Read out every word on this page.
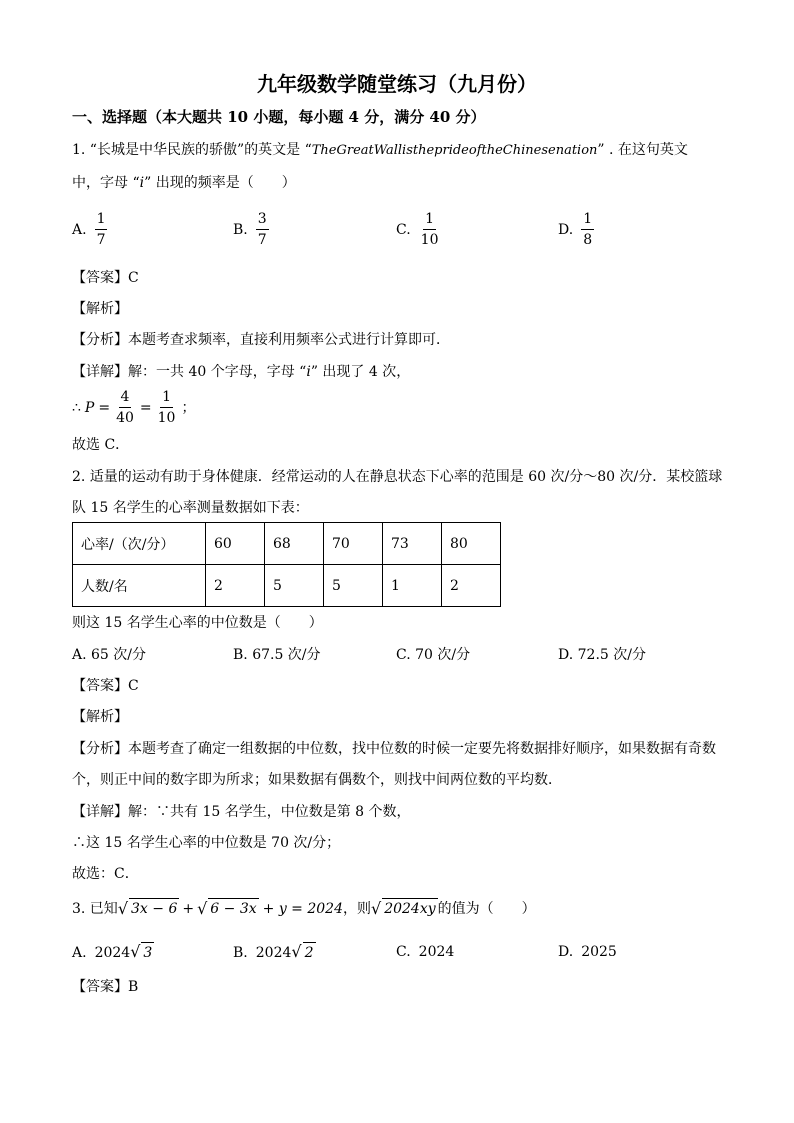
九年级数学随堂练习（九月份）
一、选择题（本大题共 10 小题，每小题 4 分，满分 40 分）
1. “长城是中华民族的骄傲”的英文是 “TheGreatWallistheprideoftheChinesenation” . 在这句英文
中，字母 “i” 出现的频率是（　　）
A. $\frac{1}{7}$	B. $\frac{3}{7}$	C. $\frac{1}{10}$	D. $\frac{1}{8}$
【答案】C
【解析】
【分析】本题考查求频率，直接利用频率公式进行计算即可．
【详解】解：一共 40 个字母，字母 “i” 出现了 4 次，
∴ $P = \frac{4}{40} = \frac{1}{10}$ ；
故选 C．
2. 适量的运动有助于身体健康．经常运动的人在静息状态下心率的范围是 60 次/分～80 次/分．某校篮球
队 15 名学生的心率测量数据如下表：
心率/（次/分）	60	68	70	73	80
人数/名	2	5	5	1	2
则这 15 名学生心率的中位数是（　　）
A. 65 次/分	B. 67.5 次/分	C. 70 次/分	D. 72.5 次/分
【答案】C
【解析】
【分析】本题考查了确定一组数据的中位数，找中位数的时候一定要先将数据排好顺序，如果数据有奇数
个，则正中间的数字即为所求；如果数据有偶数个，则找中间两位数的平均数．
【详解】解：∵共有 15 名学生，中位数是第 8 个数，
∴这 15 名学生心率的中位数是 70 次/分；
故选：C．
3. 已知 √ 3x − 6 + √ 6 − 3x + y = 2024 ，则 √ 2024xy 的值为（　　）
A. 2024√ 3	B. 2024√ 2	C. 2024	D. 2025
【答案】B
